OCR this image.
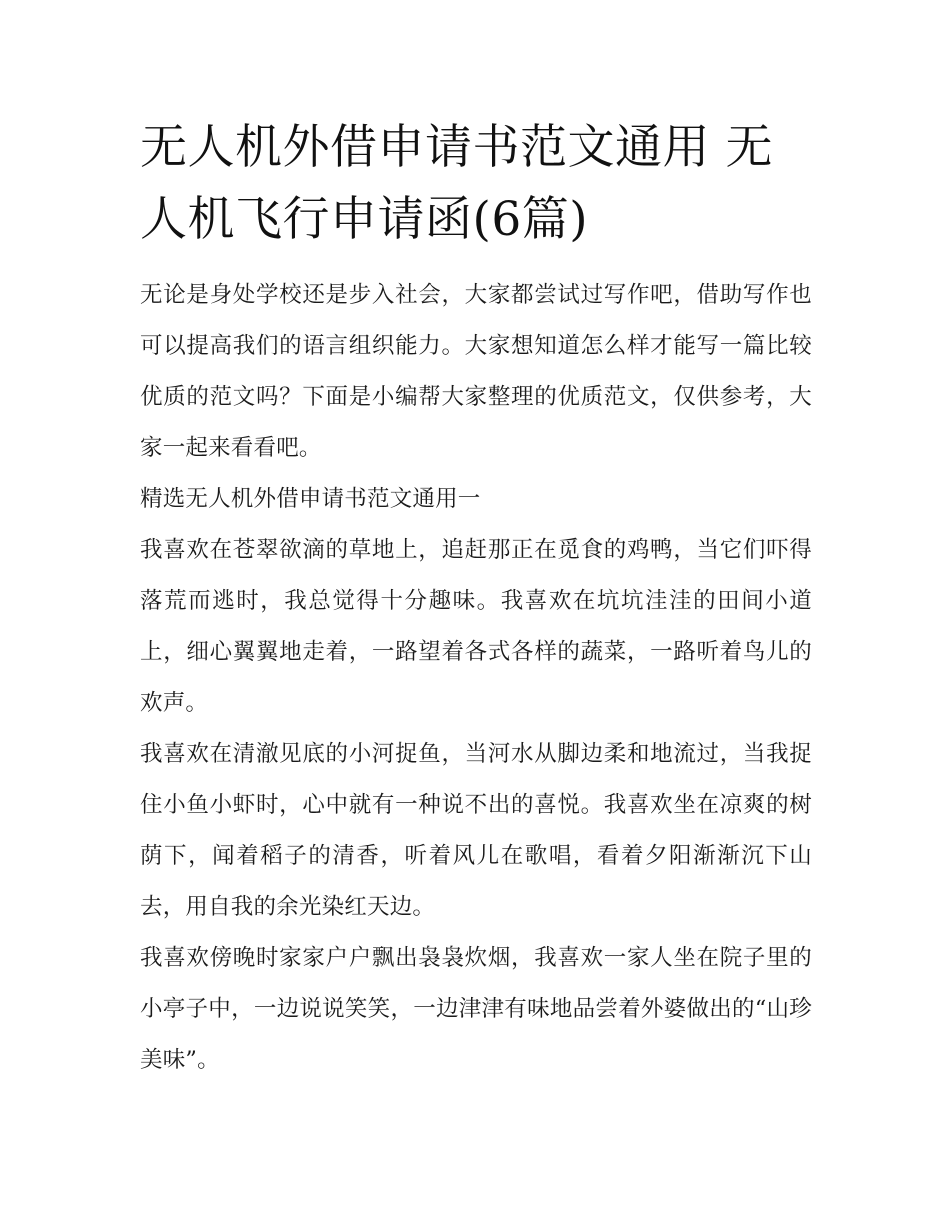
无人机外借申请书范文通用 无人机飞行申请函(6篇)

无论是身处学校还是步入社会，大家都尝试过写作吧，借助写作也可以提高我们的语言组织能力。大家想知道怎么样才能写一篇比较优质的范文吗？下面是小编帮大家整理的优质范文，仅供参考，大家一起来看看吧。

精选无人机外借申请书范文通用一

我喜欢在苍翠欲滴的草地上，追赶那正在觅食的鸡鸭，当它们吓得落荒而逃时，我总觉得十分趣味。我喜欢在坑坑洼洼的田间小道上，细心翼翼地走着，一路望着各式各样的蔬菜，一路听着鸟儿的欢声。

我喜欢在清澈见底的小河捉鱼，当河水从脚边柔和地流过，当我捉住小鱼小虾时，心中就有一种说不出的喜悦。我喜欢坐在凉爽的树荫下，闻着稻子的清香，听着风儿在歌唱，看着夕阳渐渐沉下山去，用自我的余光染红天边。

我喜欢傍晚时家家户户飘出袅袅炊烟，我喜欢一家人坐在院子里的小亭子中，一边说说笑笑，一边津津有味地品尝着外婆做出的“山珍美味”。
